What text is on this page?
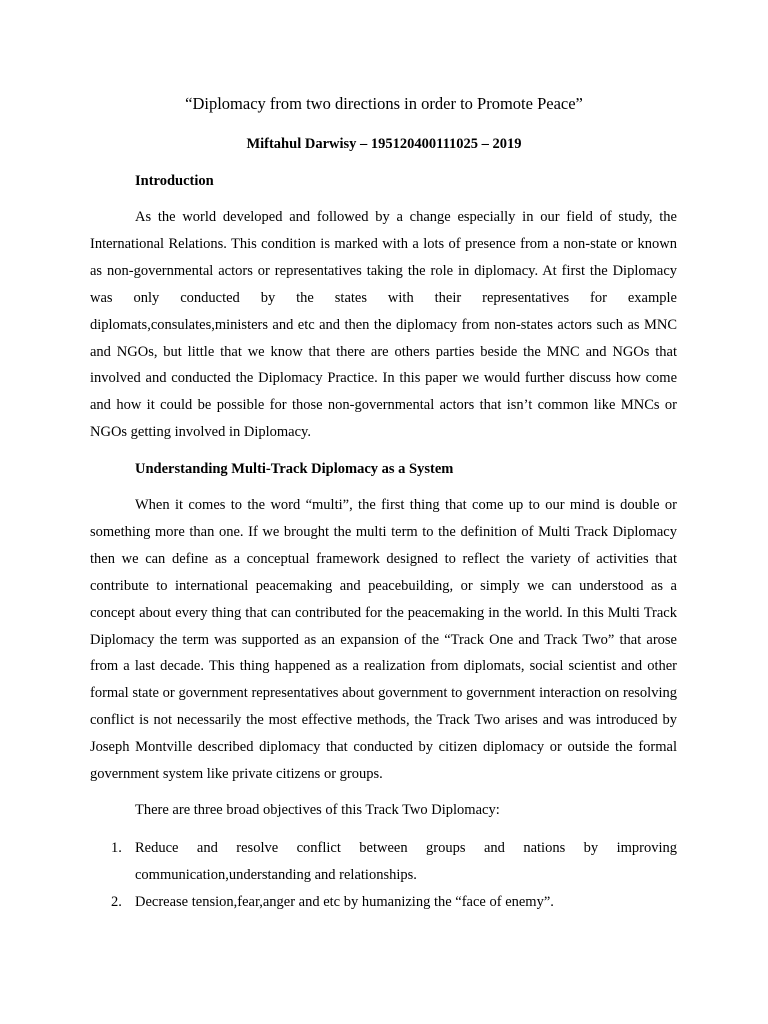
“Diplomacy from two directions in order to Promote Peace”
Miftahul Darwisy – 195120400111025 – 2019
Introduction

As the world developed and followed by a change especially in our field of study, the International Relations. This condition is marked with a lots of presence from a non-state or known as non-governmental actors or representatives taking the role in diplomacy. At first the Diplomacy was only conducted by the states with their representatives for example diplomats,consulates,ministers and etc and then the diplomacy from non-states actors such as MNC and NGOs, but little that we know that there are others parties beside the MNC and NGOs that involved and conducted the Diplomacy Practice. In this paper we would further discuss how come and how it could be possible for those non-governmental actors that isn’t common like MNCs or NGOs getting involved in Diplomacy.

Understanding Multi-Track Diplomacy as a System

When it comes to the word “multi”, the first thing that come up to our mind is double or something more than one. If we brought the multi term to the definition of Multi Track Diplomacy then we can define as a conceptual framework designed to reflect the variety of activities that contribute to international peacemaking and peacebuilding, or simply we can understood as a concept about every thing that can contributed for the peacemaking in the world. In this Multi Track Diplomacy the term was supported as an expansion of the “Track One and Track Two” that arose from a last decade. This thing happened as a realization from diplomats, social scientist and other formal state or government representatives about government to government interaction on resolving conflict is not necessarily the most effective methods, the Track Two arises and was introduced by Joseph Montville described diplomacy that conducted by citizen diplomacy or outside the formal government system like private citizens or groups.

There are three broad objectives of this Track Two Diplomacy:

1. Reduce and resolve conflict between groups and nations by improving communication,understanding and relationships.
2. Decrease tension,fear,anger and etc by humanizing the “face of enemy”.
